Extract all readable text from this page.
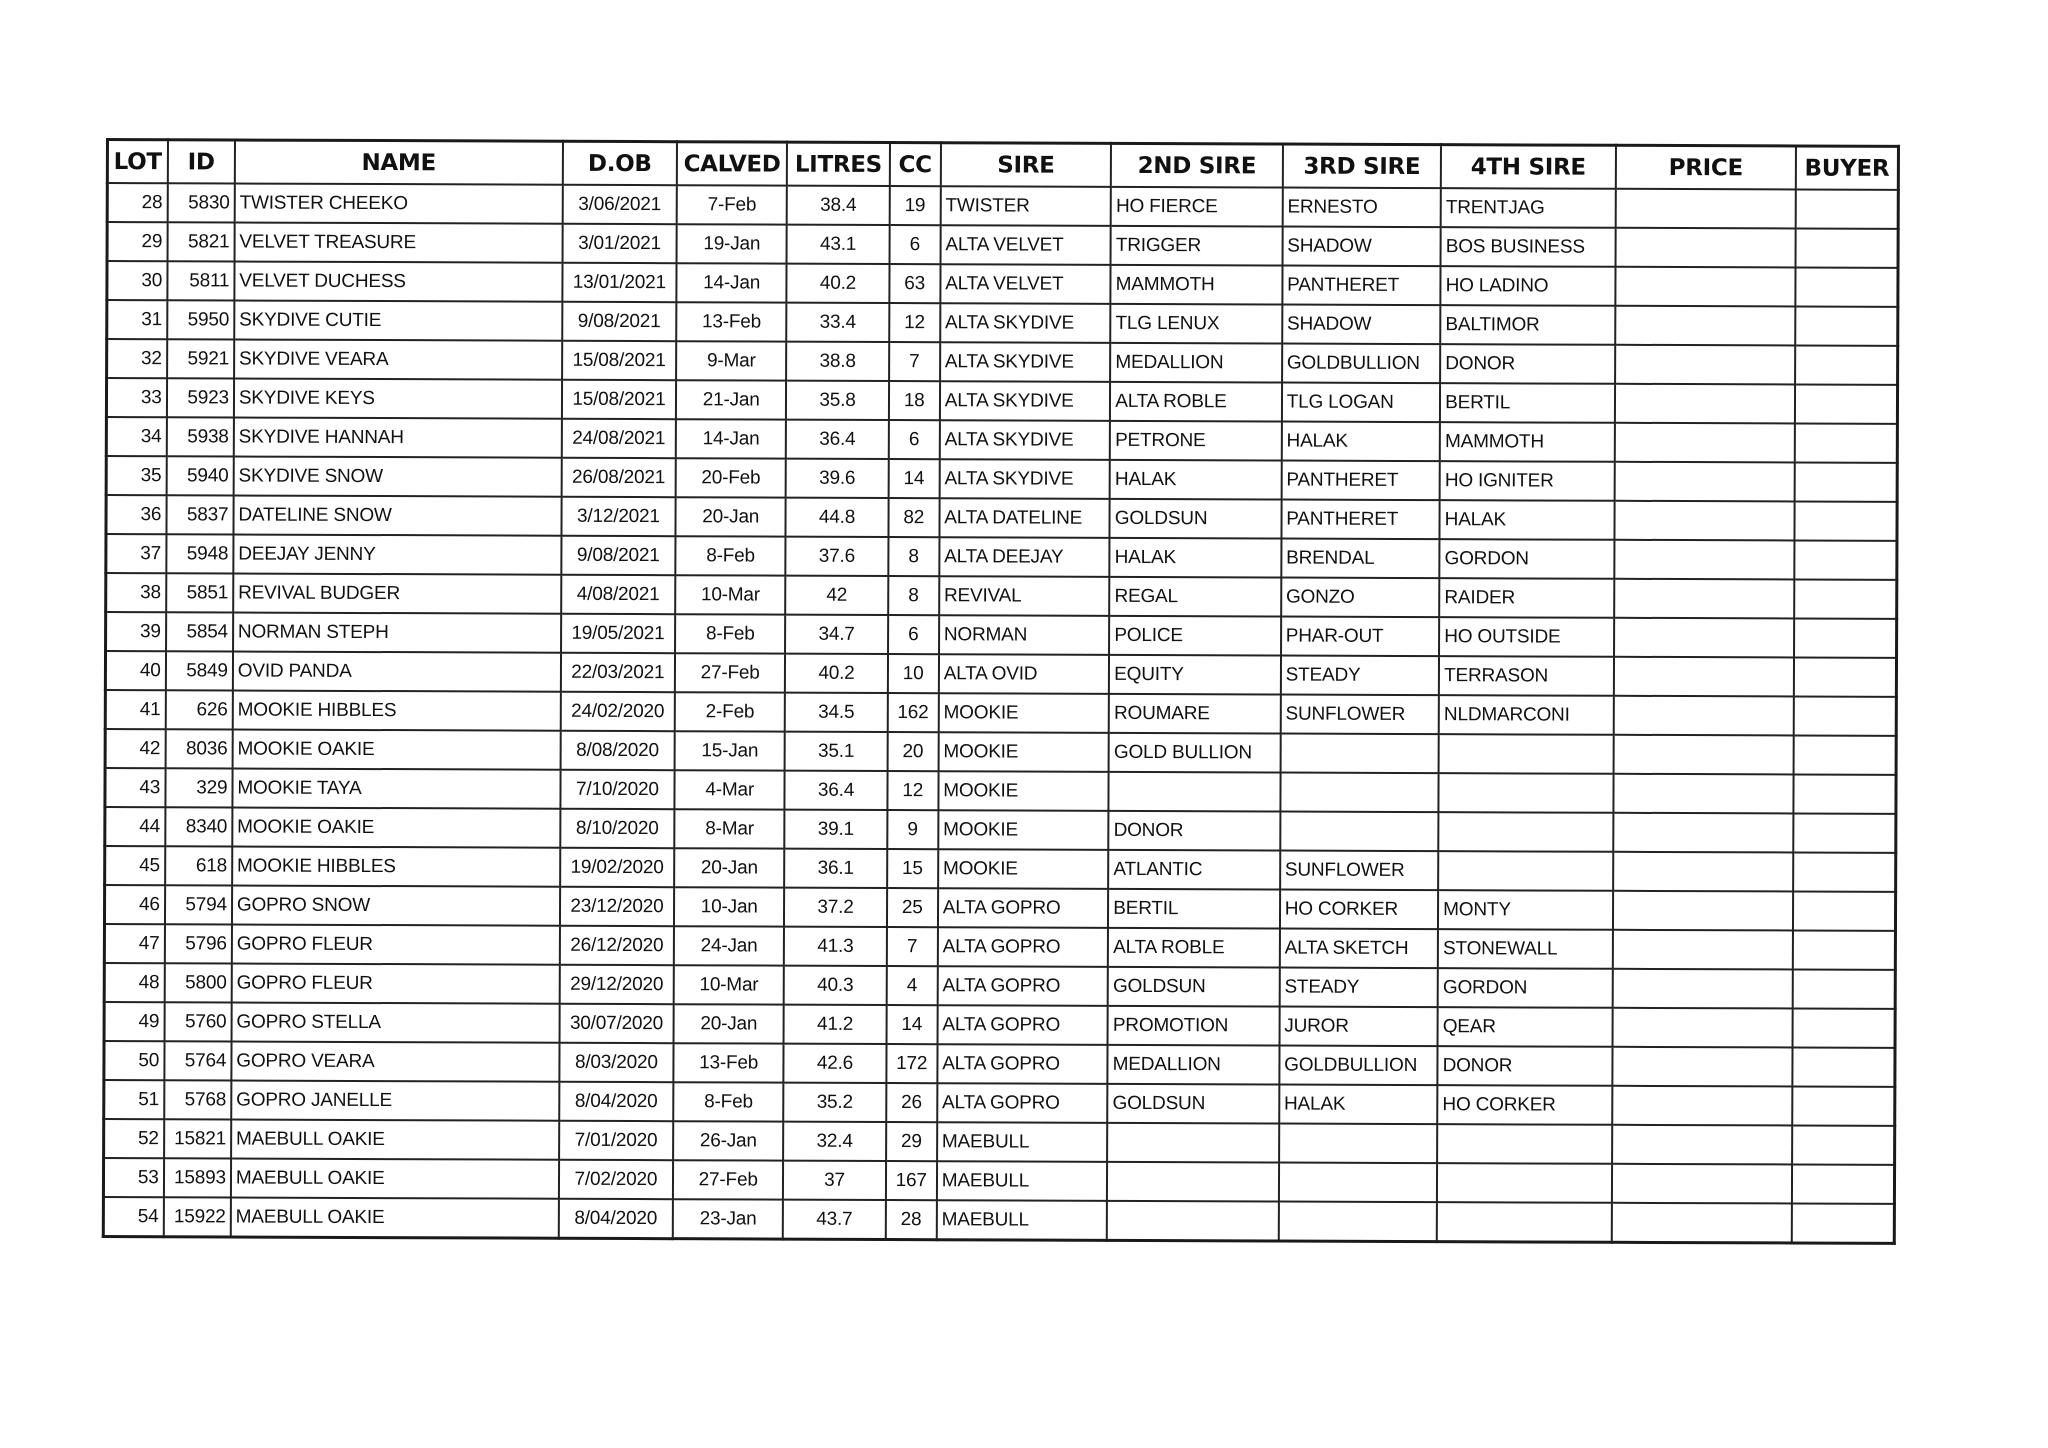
LOT	ID	NAME	D.OB	CALVED	LITRES	CC	SIRE	2ND SIRE	3RD SIRE	4TH SIRE	PRICE	BUYER
28	5830	TWISTER CHEEKO	3/06/2021	7-Feb	38.4	19	TWISTER	HO FIERCE	ERNESTO	TRENTJAG		
29	5821	VELVET TREASURE	3/01/2021	19-Jan	43.1	6	ALTA VELVET	TRIGGER	SHADOW	BOS BUSINESS		
30	5811	VELVET DUCHESS	13/01/2021	14-Jan	40.2	63	ALTA VELVET	MAMMOTH	PANTHERET	HO LADINO		
31	5950	SKYDIVE CUTIE	9/08/2021	13-Feb	33.4	12	ALTA SKYDIVE	TLG LENUX	SHADOW	BALTIMOR		
32	5921	SKYDIVE VEARA	15/08/2021	9-Mar	38.8	7	ALTA SKYDIVE	MEDALLION	GOLDBULLION	DONOR		
33	5923	SKYDIVE KEYS	15/08/2021	21-Jan	35.8	18	ALTA SKYDIVE	ALTA ROBLE	TLG LOGAN	BERTIL		
34	5938	SKYDIVE HANNAH	24/08/2021	14-Jan	36.4	6	ALTA SKYDIVE	PETRONE	HALAK	MAMMOTH		
35	5940	SKYDIVE SNOW	26/08/2021	20-Feb	39.6	14	ALTA SKYDIVE	HALAK	PANTHERET	HO IGNITER		
36	5837	DATELINE SNOW	3/12/2021	20-Jan	44.8	82	ALTA DATELINE	GOLDSUN	PANTHERET	HALAK		
37	5948	DEEJAY JENNY	9/08/2021	8-Feb	37.6	8	ALTA DEEJAY	HALAK	BRENDAL	GORDON		
38	5851	REVIVAL BUDGER	4/08/2021	10-Mar	42	8	REVIVAL	REGAL	GONZO	RAIDER		
39	5854	NORMAN STEPH	19/05/2021	8-Feb	34.7	6	NORMAN	POLICE	PHAR-OUT	HO OUTSIDE		
40	5849	OVID PANDA	22/03/2021	27-Feb	40.2	10	ALTA OVID	EQUITY	STEADY	TERRASON		
41	626	MOOKIE HIBBLES	24/02/2020	2-Feb	34.5	162	MOOKIE	ROUMARE	SUNFLOWER	NLDMARCONI		
42	8036	MOOKIE OAKIE	8/08/2020	15-Jan	35.1	20	MOOKIE	GOLD BULLION				
43	329	MOOKIE TAYA	7/10/2020	4-Mar	36.4	12	MOOKIE					
44	8340	MOOKIE OAKIE	8/10/2020	8-Mar	39.1	9	MOOKIE	DONOR				
45	618	MOOKIE HIBBLES	19/02/2020	20-Jan	36.1	15	MOOKIE	ATLANTIC	SUNFLOWER			
46	5794	GOPRO SNOW	23/12/2020	10-Jan	37.2	25	ALTA GOPRO	BERTIL	HO CORKER	MONTY		
47	5796	GOPRO FLEUR	26/12/2020	24-Jan	41.3	7	ALTA GOPRO	ALTA ROBLE	ALTA SKETCH	STONEWALL		
48	5800	GOPRO FLEUR	29/12/2020	10-Mar	40.3	4	ALTA GOPRO	GOLDSUN	STEADY	GORDON		
49	5760	GOPRO STELLA	30/07/2020	20-Jan	41.2	14	ALTA GOPRO	PROMOTION	JUROR	QEAR		
50	5764	GOPRO VEARA	8/03/2020	13-Feb	42.6	172	ALTA GOPRO	MEDALLION	GOLDBULLION	DONOR		
51	5768	GOPRO JANELLE	8/04/2020	8-Feb	35.2	26	ALTA GOPRO	GOLDSUN	HALAK	HO CORKER		
52	15821	MAEBULL OAKIE	7/01/2020	26-Jan	32.4	29	MAEBULL					
53	15893	MAEBULL OAKIE	7/02/2020	27-Feb	37	167	MAEBULL					
54	15922	MAEBULL OAKIE	8/04/2020	23-Jan	43.7	28	MAEBULL					
